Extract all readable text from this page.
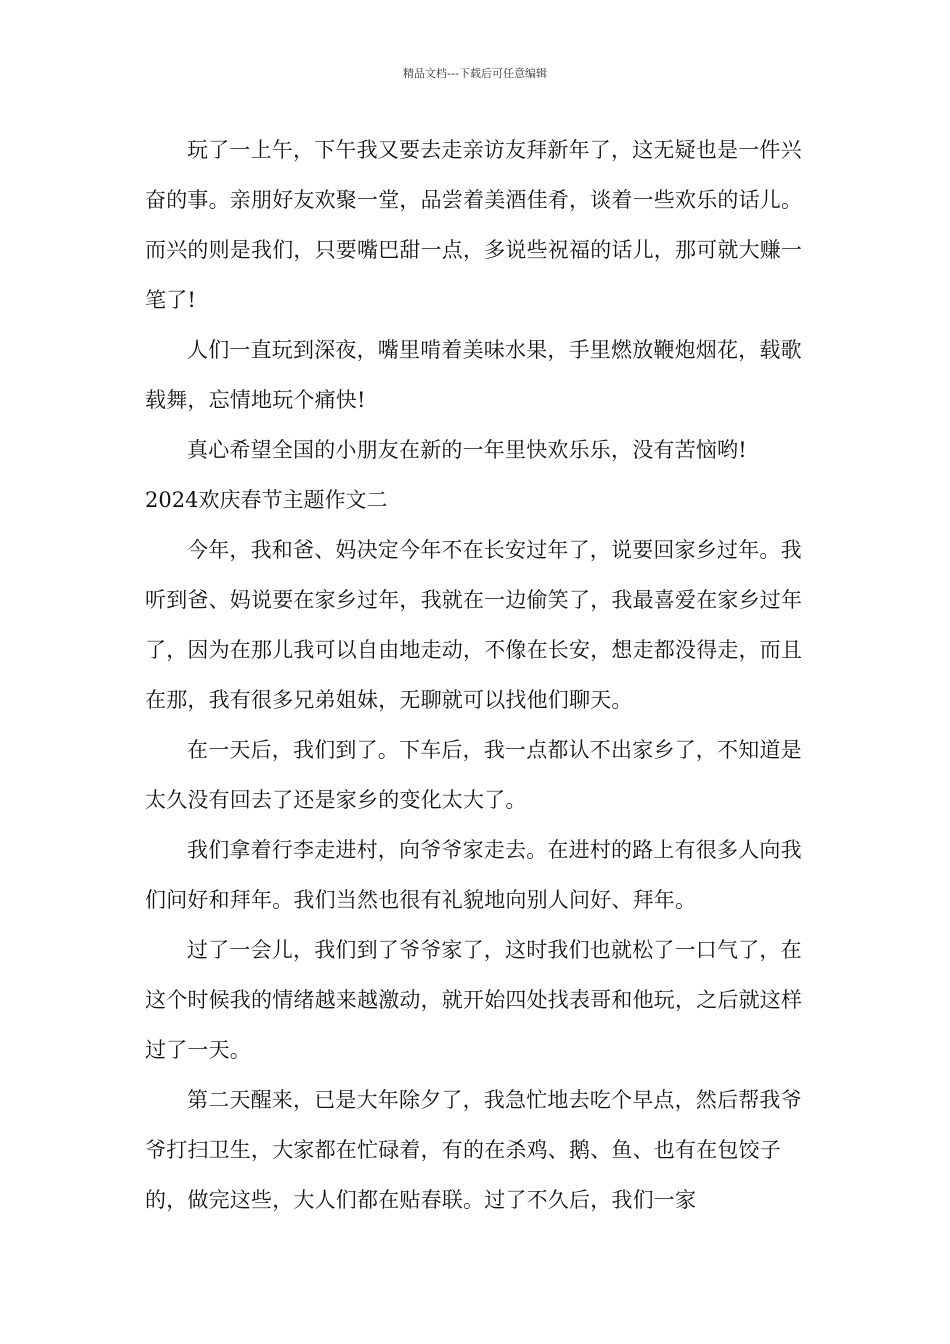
精品文档---下载后可任意编辑

玩了一上午，下午我又要去走亲访友拜新年了，这无疑也是一件兴奋的事。亲朋好友欢聚一堂，品尝着美酒佳肴，谈着一些欢乐的话儿。而兴的则是我们，只要嘴巴甜一点，多说些祝福的话儿，那可就大赚一笔了!

人们一直玩到深夜，嘴里啃着美味水果，手里燃放鞭炮烟花，载歌载舞，忘情地玩个痛快!

真心希望全国的小朋友在新的一年里快欢乐乐，没有苦恼哟!

2024欢庆春节主题作文二

今年，我和爸、妈决定今年不在长安过年了，说要回家乡过年。我听到爸、妈说要在家乡过年，我就在一边偷笑了，我最喜爱在家乡过年了，因为在那儿我可以自由地走动，不像在长安，想走都没得走，而且在那，我有很多兄弟姐妹，无聊就可以找他们聊天。

在一天后，我们到了。下车后，我一点都认不出家乡了，不知道是太久没有回去了还是家乡的变化太大了。

我们拿着行李走进村，向爷爷家走去。在进村的路上有很多人向我们问好和拜年。我们当然也很有礼貌地向别人问好、拜年。

过了一会儿，我们到了爷爷家了，这时我们也就松了一口气了，在这个时候我的情绪越来越激动，就开始四处找表哥和他玩，之后就这样过了一天。

第二天醒来，已是大年除夕了，我急忙地去吃个早点，然后帮我爷爷打扫卫生，大家都在忙碌着，有的在杀鸡、鹅、鱼、也有在包饺子的，做完这些，大人们都在贴春联。过了不久后，我们一家
